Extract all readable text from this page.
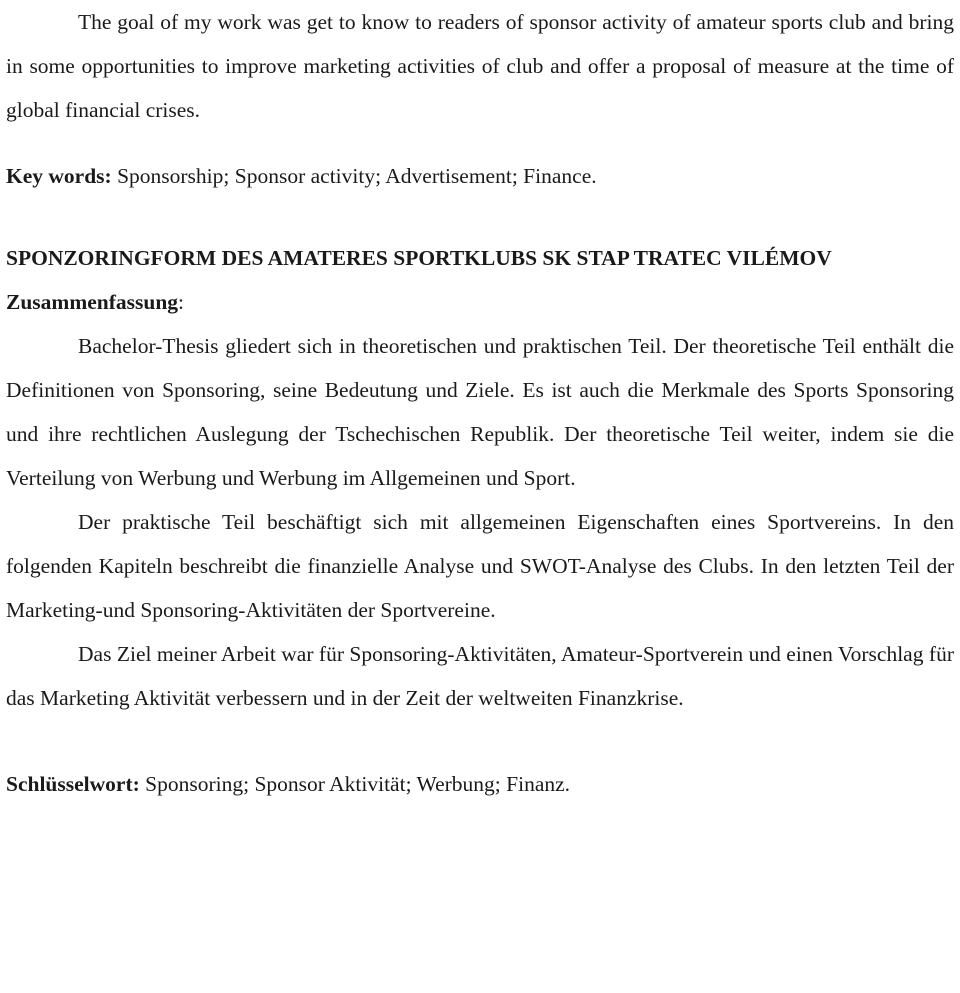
The goal of my work was get to know to readers of sponsor activity of amateur sports club and bring in some opportunities to improve marketing activities of club and offer a proposal of measure at the time of global financial crises.

Key words: Sponsorship; Sponsor activity; Advertisement; Finance.

SPONZORINGFORM DES AMATERES SPORTKLUBS SK STAP TRATEC VILÉMOV

Zusammenfassung:

Bachelor-Thesis gliedert sich in theoretischen und praktischen Teil. Der theoretische Teil enthält die Definitionen von Sponsoring, seine Bedeutung und Ziele. Es ist auch die Merkmale des Sports Sponsoring und ihre rechtlichen Auslegung der Tschechischen Republik. Der theoretische Teil weiter, indem sie die Verteilung von Werbung und Werbung im Allgemeinen und Sport.

Der praktische Teil beschäftigt sich mit allgemeinen Eigenschaften eines Sportvereins. In den folgenden Kapiteln beschreibt die finanzielle Analyse und SWOT-Analyse des Clubs. In den letzten Teil der Marketing-und Sponsoring-Aktivitäten der Sportvereine.

Das Ziel meiner Arbeit war für Sponsoring-Aktivitäten, Amateur-Sportverein und einen Vorschlag für das Marketing Aktivität verbessern und in der Zeit der weltweiten Finanzkrise.

Schlüsselwort: Sponsoring; Sponsor Aktivität; Werbung; Finanz.
